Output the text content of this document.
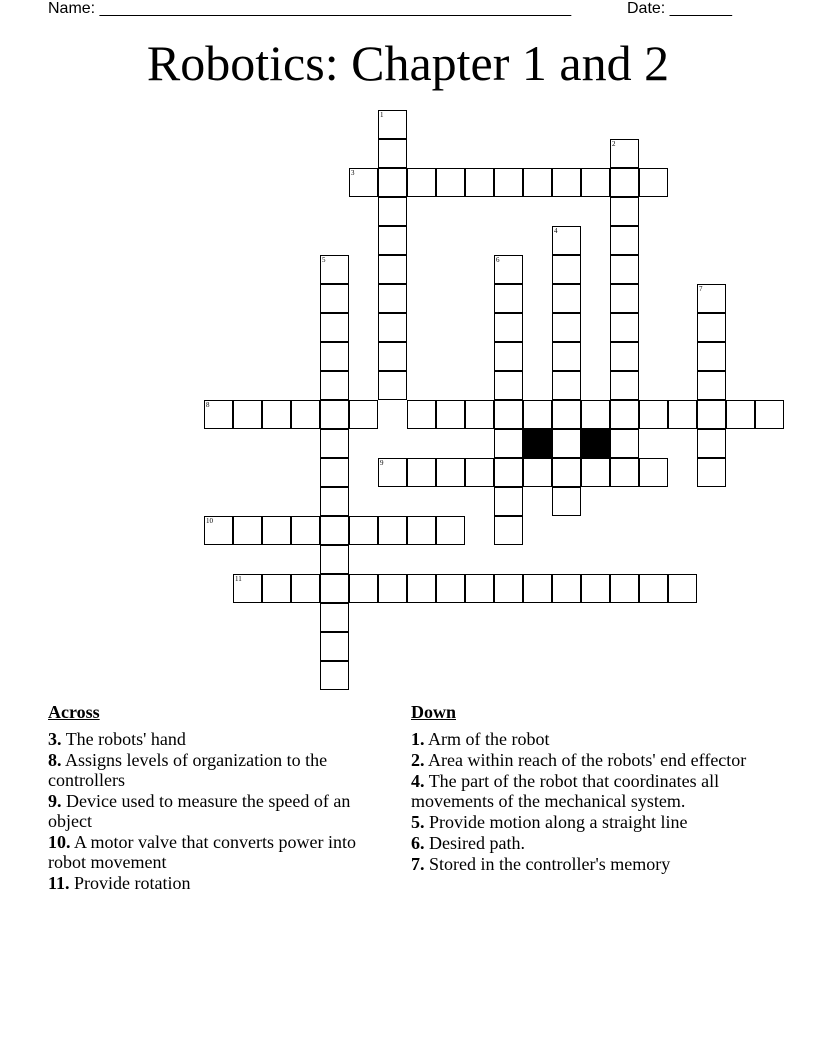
Name: _____________________________________________________	Date: _______
Robotics: Chapter 1 and 2
1
2
3
4
5	6
7
8
9
10
11
Across
3. The robots' hand
8. Assigns levels of organization to the controllers
9. Device used to measure the speed of an object
10. A motor valve that converts power into robot movement
11. Provide rotation
Down
1. Arm of the robot
2. Area within reach of the robots' end effector
4. The part of the robot that coordinates all movements of the mechanical system.
5. Provide motion along a straight line
6. Desired path.
7. Stored in the controller's memory
